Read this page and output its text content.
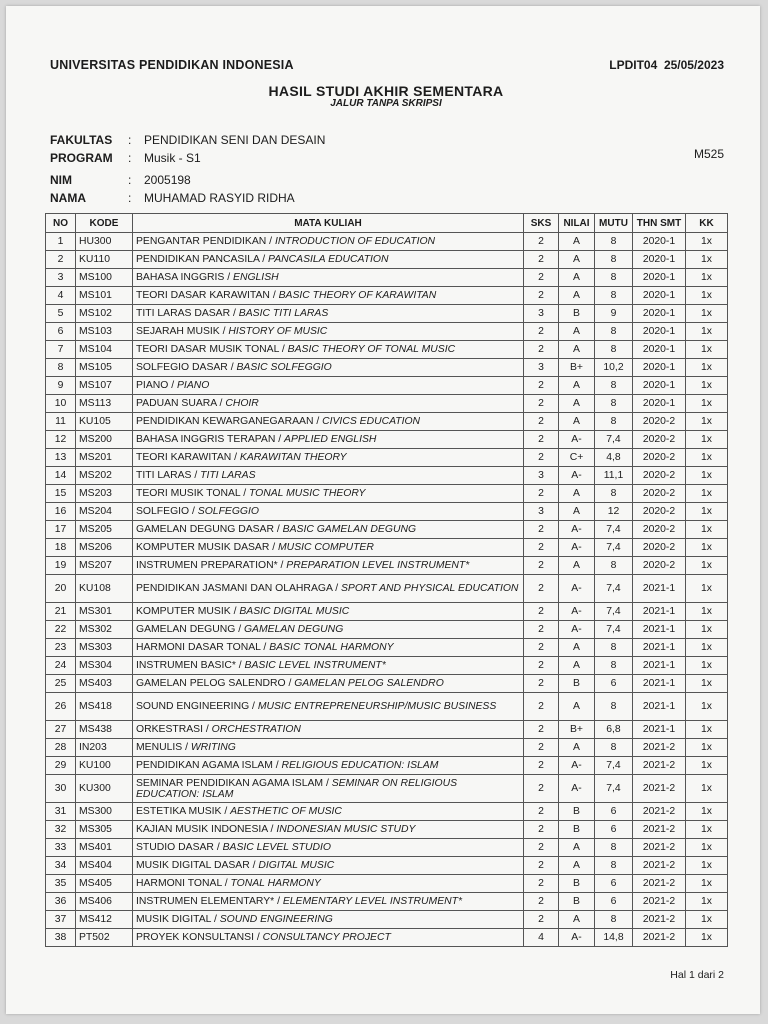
UNIVERSITAS PENDIDIKAN INDONESIA	LPDIT04 25/05/2023
HASIL STUDI AKHIR SEMENTARA
JALUR TANPA SKRIPSI
FAKULTAS	:	PENDIDIKAN SENI DAN DESAIN
PROGRAM	:	Musik - S1	M525
NIM	:	2005198
NAMA	:	MUHAMAD RASYID RIDHA
NO	KODE	MATA KULIAH	SKS	NILAI	MUTU	THN SMT	KK
1	HU300	PENGANTAR PENDIDIKAN / INTRODUCTION OF EDUCATION	2	A	8	2020-1	1x
2	KU110	PENDIDIKAN PANCASILA / PANCASILA EDUCATION	2	A	8	2020-1	1x
3	MS100	BAHASA INGGRIS / ENGLISH	2	A	8	2020-1	1x
4	MS101	TEORI DASAR KARAWITAN / BASIC THEORY OF KARAWITAN	2	A	8	2020-1	1x
5	MS102	TITI LARAS DASAR / BASIC TITI LARAS	3	B	9	2020-1	1x
6	MS103	SEJARAH MUSIK / HISTORY OF MUSIC	2	A	8	2020-1	1x
7	MS104	TEORI DASAR MUSIK TONAL / BASIC THEORY OF TONAL MUSIC	2	A	8	2020-1	1x
8	MS105	SOLFEGIO DASAR / BASIC SOLFEGGIO	3	B+	10,2	2020-1	1x
9	MS107	PIANO / PIANO	2	A	8	2020-1	1x
10	MS113	PADUAN SUARA / CHOIR	2	A	8	2020-1	1x
11	KU105	PENDIDIKAN KEWARGANEGARAAN / CIVICS EDUCATION	2	A	8	2020-2	1x
12	MS200	BAHASA INGGRIS TERAPAN / APPLIED ENGLISH	2	A-	7,4	2020-2	1x
13	MS201	TEORI KARAWITAN / KARAWITAN THEORY	2	C+	4,8	2020-2	1x
14	MS202	TITI LARAS / TITI LARAS	3	A-	11,1	2020-2	1x
15	MS203	TEORI MUSIK TONAL / TONAL MUSIC THEORY	2	A	8	2020-2	1x
16	MS204	SOLFEGIO / SOLFEGGIO	3	A	12	2020-2	1x
17	MS205	GAMELAN DEGUNG DASAR / BASIC GAMELAN DEGUNG	2	A-	7,4	2020-2	1x
18	MS206	KOMPUTER MUSIK DASAR / MUSIC COMPUTER	2	A-	7,4	2020-2	1x
19	MS207	INSTRUMEN PREPARATION* / PREPARATION LEVEL INSTRUMENT*	2	A	8	2020-2	1x
20	KU108	PENDIDIKAN JASMANI DAN OLAHRAGA / SPORT AND PHYSICAL EDUCATION	2	A-	7,4	2021-1	1x
21	MS301	KOMPUTER MUSIK / BASIC DIGITAL MUSIC	2	A-	7,4	2021-1	1x
22	MS302	GAMELAN DEGUNG / GAMELAN DEGUNG	2	A-	7,4	2021-1	1x
23	MS303	HARMONI DASAR TONAL / BASIC TONAL HARMONY	2	A	8	2021-1	1x
24	MS304	INSTRUMEN BASIC* / BASIC LEVEL INSTRUMENT*	2	A	8	2021-1	1x
25	MS403	GAMELAN PELOG SALENDRO / GAMELAN PELOG SALENDRO	2	B	6	2021-1	1x
26	MS418	SOUND ENGINEERING / MUSIC ENTREPRENEURSHIP/MUSIC BUSINESS	2	A	8	2021-1	1x
27	MS438	ORKESTRASI / ORCHESTRATION	2	B+	6,8	2021-1	1x
28	IN203	MENULIS / WRITING	2	A	8	2021-2	1x
29	KU100	PENDIDIKAN AGAMA ISLAM / RELIGIOUS EDUCATION: ISLAM	2	A-	7,4	2021-2	1x
30	KU300	SEMINAR PENDIDIKAN AGAMA ISLAM / SEMINAR ON RELIGIOUS EDUCATION: ISLAM	2	A-	7,4	2021-2	1x
31	MS300	ESTETIKA MUSIK / AESTHETIC OF MUSIC	2	B	6	2021-2	1x
32	MS305	KAJIAN MUSIK INDONESIA / INDONESIAN MUSIC STUDY	2	B	6	2021-2	1x
33	MS401	STUDIO DASAR / BASIC LEVEL STUDIO	2	A	8	2021-2	1x
34	MS404	MUSIK DIGITAL DASAR / DIGITAL MUSIC	2	A	8	2021-2	1x
35	MS405	HARMONI TONAL / TONAL HARMONY	2	B	6	2021-2	1x
36	MS406	INSTRUMEN ELEMENTARY* / ELEMENTARY LEVEL INSTRUMENT*	2	B	6	2021-2	1x
37	MS412	MUSIK DIGITAL / SOUND ENGINEERING	2	A	8	2021-2	1x
38	PT502	PROYEK KONSULTANSI / CONSULTANCY PROJECT	4	A-	14,8	2021-2	1x
Hal 1 dari 2
